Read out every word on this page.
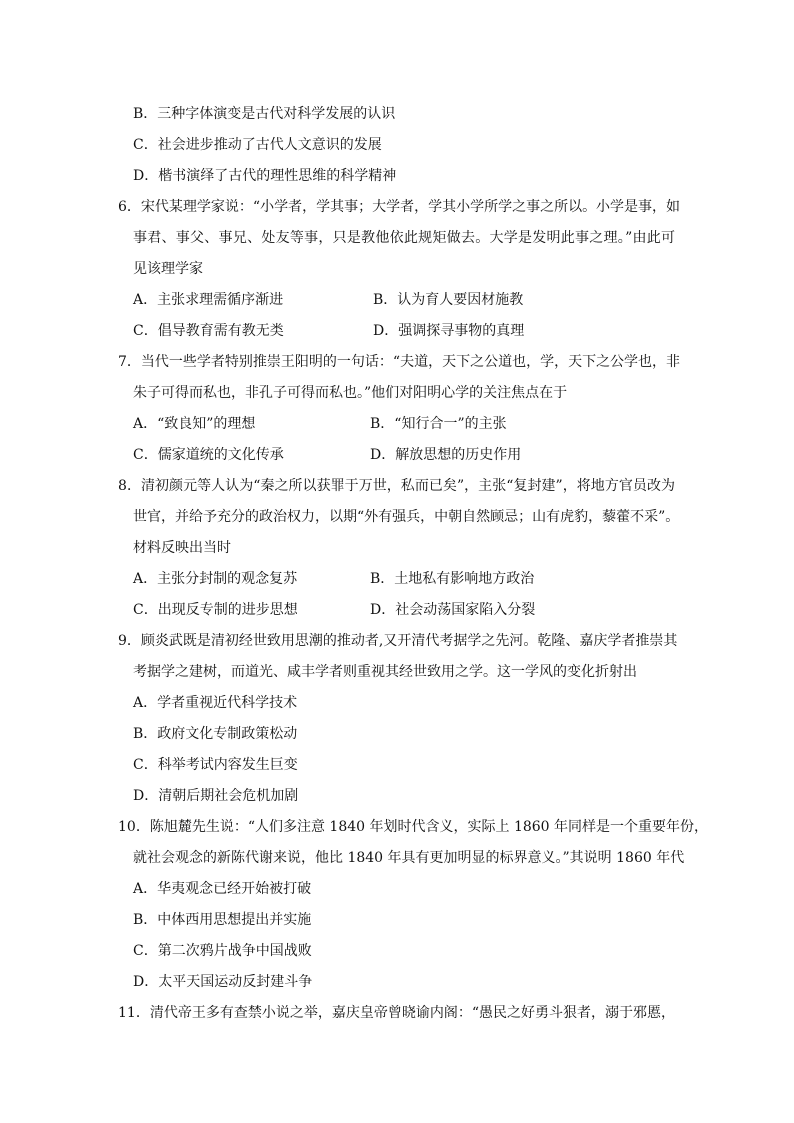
B．三种字体演变是古代对科学发展的认识
C．社会进步推动了古代人文意识的发展
D．楷书演绎了古代的理性思维的科学精神
6．宋代某理学家说：“小学者，学其事；大学者，学其小学所学之事之所以。小学是事，如
事君、事父、事兄、处友等事，只是教他依此规矩做去。大学是发明此事之理。”由此可
见该理学家
A．主张求理需循序渐进	B．认为育人要因材施教
C．倡导教育需有教无类	D．强调探寻事物的真理
7．当代一些学者特别推崇王阳明的一句话：“夫道，天下之公道也，学，天下之公学也，非
朱子可得而私也，非孔子可得而私也。”他们对阳明心学的关注焦点在于
A．“致良知”的理想	B．“知行合一”的主张
C．儒家道统的文化传承	D．解放思想的历史作用
8．清初颜元等人认为“秦之所以获罪于万世，私而已矣”，主张“复封建”，将地方官员改为
世官，并给予充分的政治权力，以期“外有强兵，中朝自然顾忌；山有虎豹，藜藿不采”。
材料反映出当时
A．主张分封制的观念复苏	B．土地私有影响地方政治
C．出现反专制的进步思想	D．社会动荡国家陷入分裂
9．顾炎武既是清初经世致用思潮的推动者,又开清代考据学之先河。乾隆、嘉庆学者推崇其
考据学之建树，而道光、咸丰学者则重视其经世致用之学。这一学风的变化折射出
A．学者重视近代科学技术
B．政府文化专制政策松动
C．科举考试内容发生巨变
D．清朝后期社会危机加剧
10．陈旭麓先生说：“人们多注意 1840 年划时代含义，实际上 1860 年同样是一个重要年份，
就社会观念的新陈代谢来说，他比 1840 年具有更加明显的标界意义。”其说明 1860 年代
A．华夷观念已经开始被打破
B．中体西用思想提出并实施
C．第二次鸦片战争中国战败
D．太平天国运动反封建斗争
11．清代帝王多有查禁小说之举，嘉庆皇帝曾晓谕内阁：“愚民之好勇斗狠者，溺于邪慝，
